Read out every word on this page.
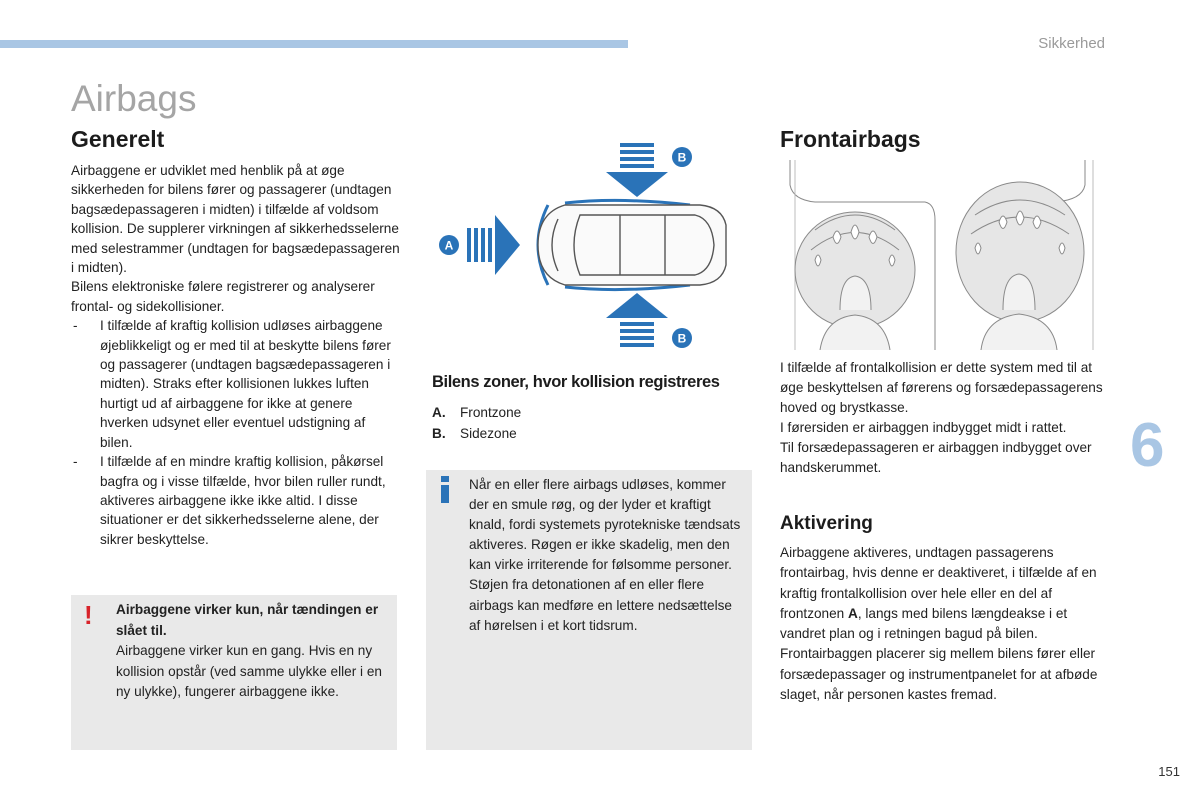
Sikkerhed
Airbags
Generelt

Airbaggene er udviklet med henblik på at øge sikkerheden for bilens fører og passagerer (undtagen bagsædepassageren i midten) i tilfælde af voldsom kollision. De supplerer virkningen af sikkerhedsselerne med selestrammer (undtagen for bagsædepassageren i midten).

Bilens elektroniske følere registrerer og analyserer frontal- og sidekollisioner.

- I tilfælde af kraftig kollision udløses airbaggene øjeblikkeligt og er med til at beskytte bilens fører og passagerer (undtagen bagsædepassageren i midten). Straks efter kollisionen lukkes luften hurtigt ud af airbaggene for ikke at genere hverken udsynet eller eventuel udstigning af bilen.
- I tilfælde af en mindre kraftig kollision, påkørsel bagfra og i visse tilfælde, hvor bilen ruller rundt, aktiveres airbaggene ikke ikke altid. I disse situationer er det sikkerhedsselerne alene, der sikrer beskyttelse.
! Airbaggene virker kun, når tændingen er slået til.
Airbaggene virker kun en gang. Hvis en ny kollision opstår (ved samme ulykke eller i en ny ulykke), fungerer airbaggene ikke.
A
B
B
Bilens zoner, hvor kollision registreres
A. Frontzone
B. Sidezone
Når en eller flere airbags udløses, kommer der en smule røg, og der lyder et kraftigt knald, fordi systemets pyrotekniske tændsats aktiveres. Røgen er ikke skadelig, men den kan virke irriterende for følsomme personer. Støjen fra detonationen af en eller flere airbags kan medføre en lettere nedsættelse af hørelsen i et kort tidsrum.
Frontairbags
I tilfælde af frontalkollision er dette system med til at øge beskyttelsen af førerens og forsædepassagerens hoved og brystkasse.
I førersiden er airbaggen indbygget midt i rattet.
Til forsædepassageren er airbaggen indbygget over handskerummet.
Aktivering
Airbaggene aktiveres, undtagen passagerens frontairbag, hvis denne er deaktiveret, i tilfælde af en kraftig frontalkollision over hele eller en del af frontzonen A, langs med bilens længdeakse i et vandret plan og i retningen bagud på bilen.
Frontairbaggen placerer sig mellem bilens fører eller forsædepassager og instrumentpanelet for at afbøde slaget, når personen kastes fremad.
6
151
